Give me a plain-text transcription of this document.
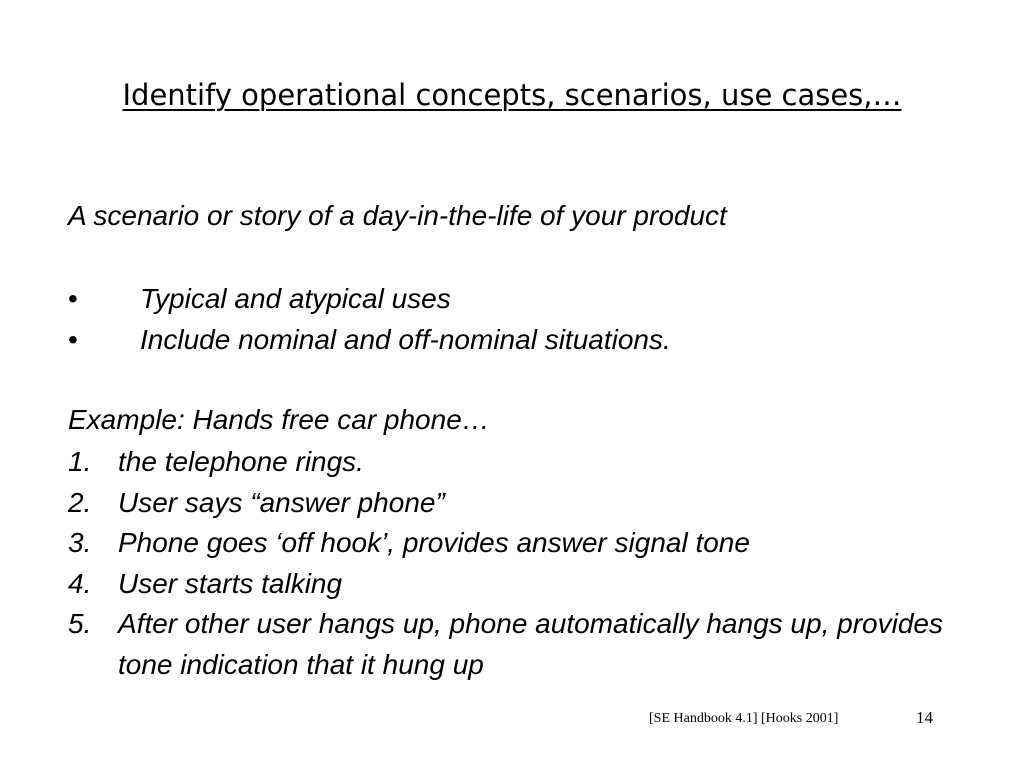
Identify operational concepts, scenarios, use cases,…
A scenario or story of a day-in-the-life of your product
• Typical and atypical uses
• Include nominal and off-nominal situations.
Example: Hands free car phone…
1. the telephone rings.
2. User says “answer phone”
3. Phone goes ‘off hook’, provides answer signal tone
4. User starts talking
5. After other user hangs up, phone automatically hangs up, provides tone indication that it hung up
[SE Handbook 4.1] [Hooks 2001]	14
